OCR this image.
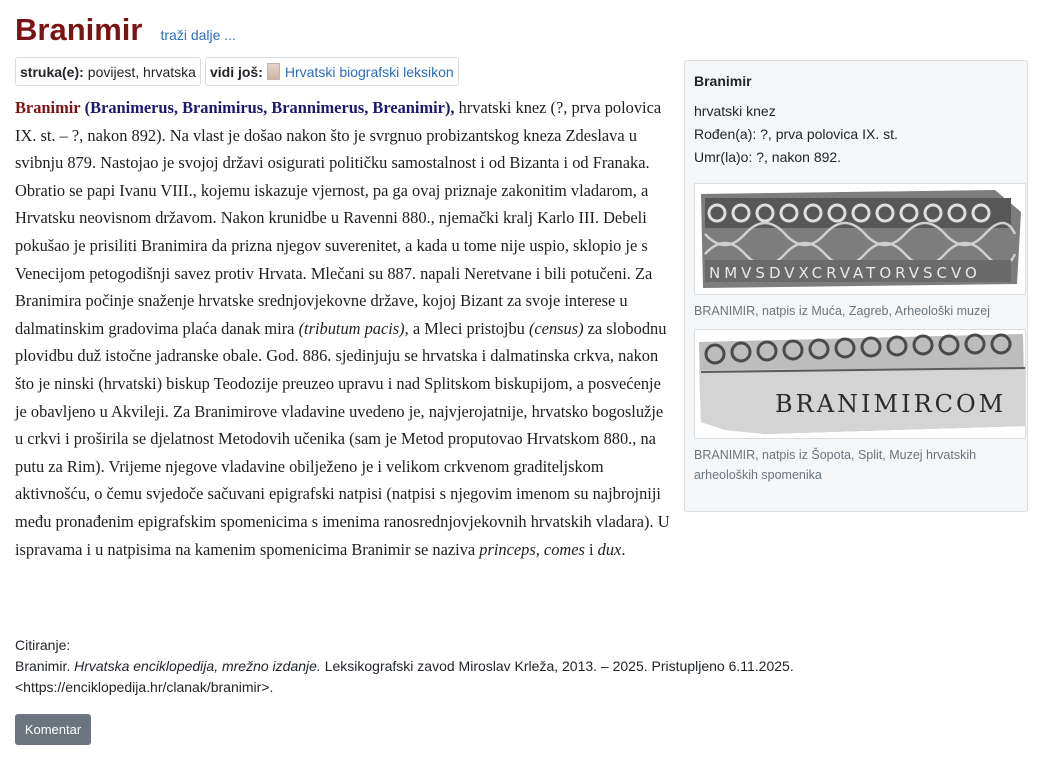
Branimir traži dalje ...
struka(e): povijest, hrvatska vidi još: Hrvatski biografski leksikon
Branimir (Branimerus, Branimirus, Brannimerus, Breanimir), hrvatski knez (?, prva polovica IX. st. – ?, nakon 892). Na vlast je došao nakon što je svrgnuo probizantskog kneza Zdeslava u svibnju 879. Nastojao je svojoj državi osigurati političku samostalnost i od Bizanta i od Franaka. Obratio se papi Ivanu VIII., kojemu iskazuje vjernost, pa ga ovaj priznaje zakonitim vladarom, a Hrvatsku neovisnom državom. Nakon krunidbe u Ravenni 880., njemački kralj Karlo III. Debeli pokušao je prisiliti Branimira da prizna njegov suverenitet, a kada u tome nije uspio, sklopio je s Venecijom petogodišnji savez protiv Hrvata. Mlečani su 887. napali Neretvane i bili potučeni. Za Branimira počinje snaženje hrvatske srednjovjekovne države, kojoj Bizant za svoje interese u dalmatinskim gradovima plaća danak mira (tributum pacis), a Mleci pristojbu (census) za slobodnu plovidbu duž istočne jadranske obale. God. 886. sjedinjuju se hrvatska i dalmatinska crkva, nakon što je ninski (hrvatski) biskup Teodozije preuzeo upravu i nad Splitskom biskupijom, a posvećenje je obavljeno u Akvileji. Za Branimirove vladavine uvedeno je, najvjerojatnije, hrvatsko bogoslužje u crkvi i proširila se djelatnost Metodovih učenika (sam je Metod proputovao Hrvatskom 880., na putu za Rim). Vrijeme njegove vladavine obilježeno je i velikom crkvenom graditeljskom aktivnošću, o čemu svjedoče sačuvani epigrafski natpisi (natpisi s njegovim imenom su najbrojniji među pronađenim epigrafskim spomenicima s imenima ranosrednjovjekovnih hrvatskih vladara). U ispravama i u natpisima na kamenim spomenicima Branimir se naziva princeps, comes i dux.
Branimir
hrvatski knez
Rođen(a): ?, prva polovica IX. st.
Umr(la)o: ?, nakon 892.
NMVSDVXCRVATORVSCVO
BRANIMIR, natpis iz Mućа, Zagreb, Arheološki muzej
BRANIMIRCOM
BRANIMIR, natpis iz Šopota, Split, Muzej hrvatskih arheoloških spomenika
Citiranje:
Branimir. Hrvatska enciklopedija, mrežno izdanje. Leksikografski zavod Miroslav Krleža, 2013. – 2025. Pristupljeno 6.11.2025.
<https://enciklopedija.hr/clanak/branimir>.
Komentar
